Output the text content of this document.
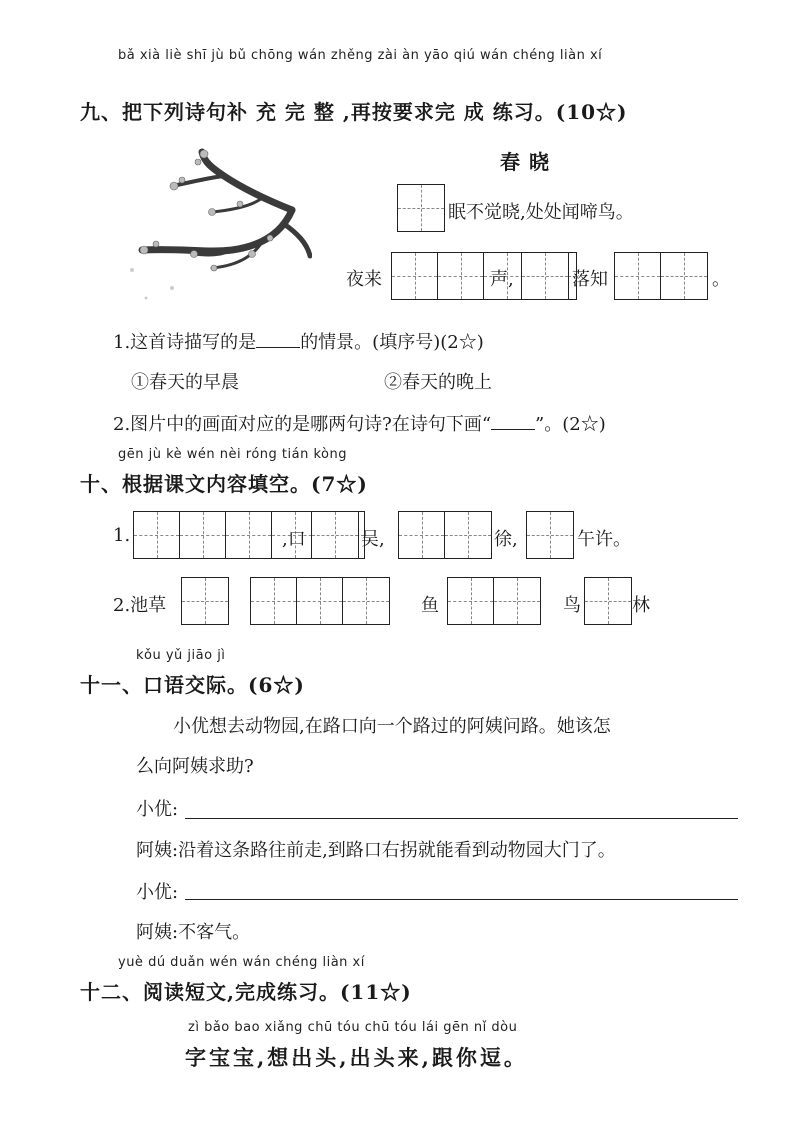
bǎ xià liè shī jù bǔ chōng wán zhěng zài àn yāo qiú wán chéng liàn xí
九、把下列诗句补 充 完 整 ,再按要求完 成 练习。(10☆)
春 晓
眠不觉晓,处处闻啼鸟。
夜来	声,	落知	。
1.这首诗描写的是 的情景。(填序号)(2☆)
①春天的早晨	②春天的晚上
2.图片中的画面对应的是哪两句诗?在诗句下画“ ”。(2☆)
gēn jù kè wén nèi róng tián kòng
十、根据课文内容填空。(7☆)
1.	,口	吴,	徐,	午许。
2.池草	鱼	鸟	林
kǒu yǔ jiāo jì
十一、口语交际。(6☆)
小优想去动物园,在路口向一个路过的阿姨问路。她该怎
么向阿姨求助?
小优:
阿姨:沿着这条路往前走,到路口右拐就能看到动物园大门了。
小优:
阿姨:不客气。
yuè dú duǎn wén wán chéng liàn xí
十二、阅读短文,完成练习。(11☆)
zì bǎo bao xiǎng chū tóu chū tóu lái gēn nǐ dòu
字宝宝,想出头,出头来,跟你逗。
